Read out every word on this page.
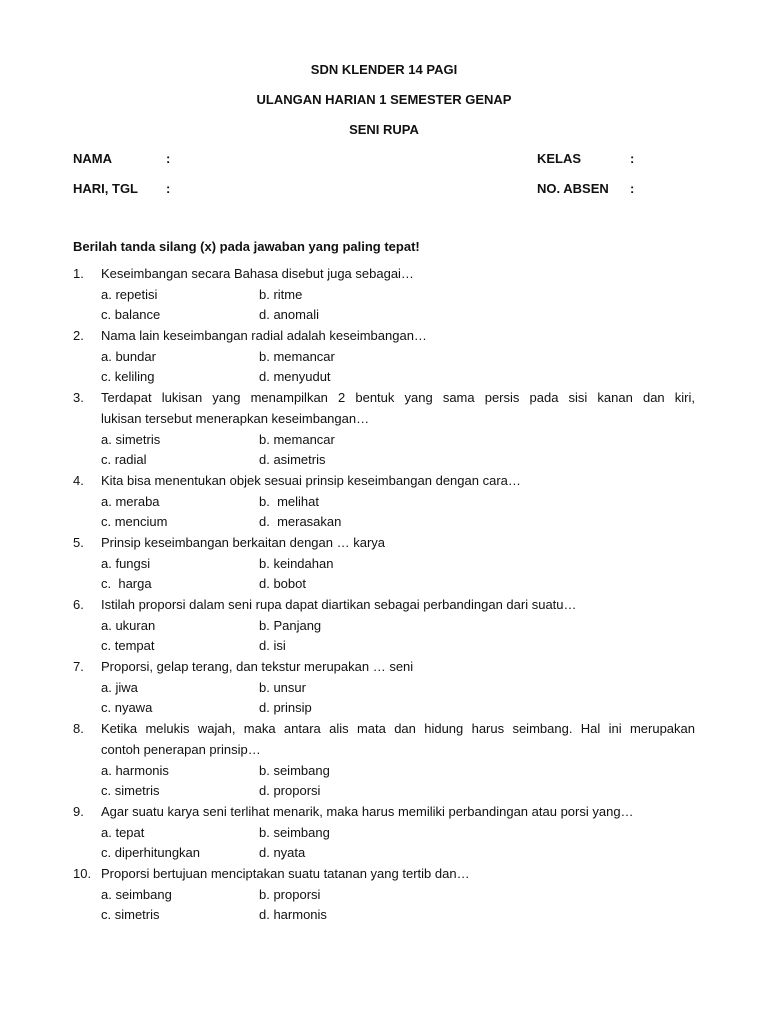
SDN KLENDER 14 PAGI
ULANGAN HARIAN 1 SEMESTER GENAP
SENI RUPA
NAMA	:	KELAS	:
HARI, TGL :	NO. ABSEN :
Berilah tanda silang (x) pada jawaban yang paling tepat!
1.	Keseimbangan secara Bahasa disebut juga sebagai…
a. repetisi	b. ritme
c. balance	d. anomali
2.	Nama lain keseimbangan radial adalah keseimbangan…
a. bundar	b. memancar
c. keliling	d. menyudut
3.	Terdapat lukisan yang menampilkan 2 bentuk yang sama persis pada sisi kanan dan kiri,
lukisan tersebut menerapkan keseimbangan…
a. simetris	b. memancar
c. radial	d. asimetris
4.	Kita bisa menentukan objek sesuai prinsip keseimbangan dengan cara…
a. meraba	b.  melihat
c. mencium	d.  merasakan
5.	Prinsip keseimbangan berkaitan dengan … karya
a. fungsi	b. keindahan
c.  harga	d. bobot
6.	Istilah proporsi dalam seni rupa dapat diartikan sebagai perbandingan dari suatu…
a. ukuran	b. Panjang
c. tempat	d. isi
7.	Proporsi, gelap terang, dan tekstur merupakan … seni
a. jiwa	b. unsur
c. nyawa	d. prinsip
8.	Ketika melukis wajah, maka antara alis mata dan hidung harus seimbang. Hal ini merupakan
contoh penerapan prinsip…
a. harmonis	b. seimbang
c. simetris	d. proporsi
9.	Agar suatu karya seni terlihat menarik, maka harus memiliki perbandingan atau porsi yang…
a. tepat	b. seimbang
c. diperhitungkan	d. nyata
10. Proporsi bertujuan menciptakan suatu tatanan yang tertib dan…
a. seimbang	b. proporsi
c. simetris	d. harmonis
